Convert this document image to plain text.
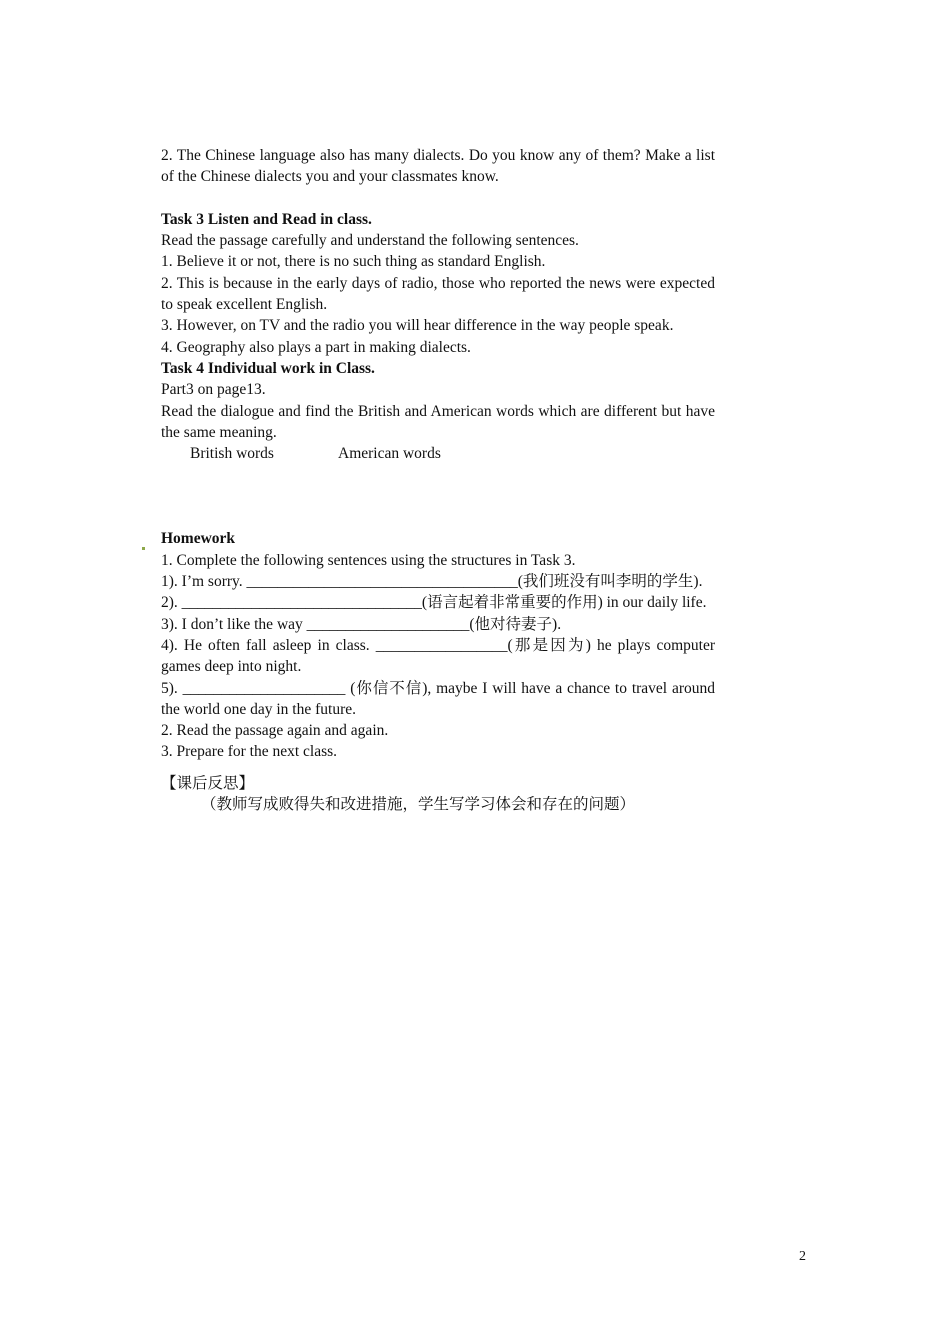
2. The Chinese language also has many dialects. Do you know any of them? Make a list of the Chinese dialects you and your classmates know.

Task 3 Listen and Read in class.

Read the passage carefully and understand the following sentences.

1. Believe it or not, there is no such thing as standard English.

2. This is because in the early days of radio, those who reported the news were expected to speak excellent English.

3. However, on TV and the radio you will hear difference in the way people speak.

4. Geography also plays a part in making dialects.

Task 4 Individual work in Class.

Part3 on page13.

Read the dialogue and find the British and American words which are different but have the same meaning.

British words	American words

Homework

1. Complete the following sentences using the structures in Task 3.

1). I’m sorry. ___________________________________(我们班没有叫李明的学生).

2). _______________________________(语言起着非常重要的作用) in our daily life.

3). I don’t like the way _____________________(他对待妻子).

4). He often fall asleep in class. _________________(那是因为) he plays computer games deep into night.

5). _____________________ (你信不信), maybe I will have a chance to travel around the world one day in the future.

2. Read the passage again and again.

3. Prepare for the next class.

【课后反思】

（教师写成败得失和改进措施，学生写学习体会和存在的问题）

2
